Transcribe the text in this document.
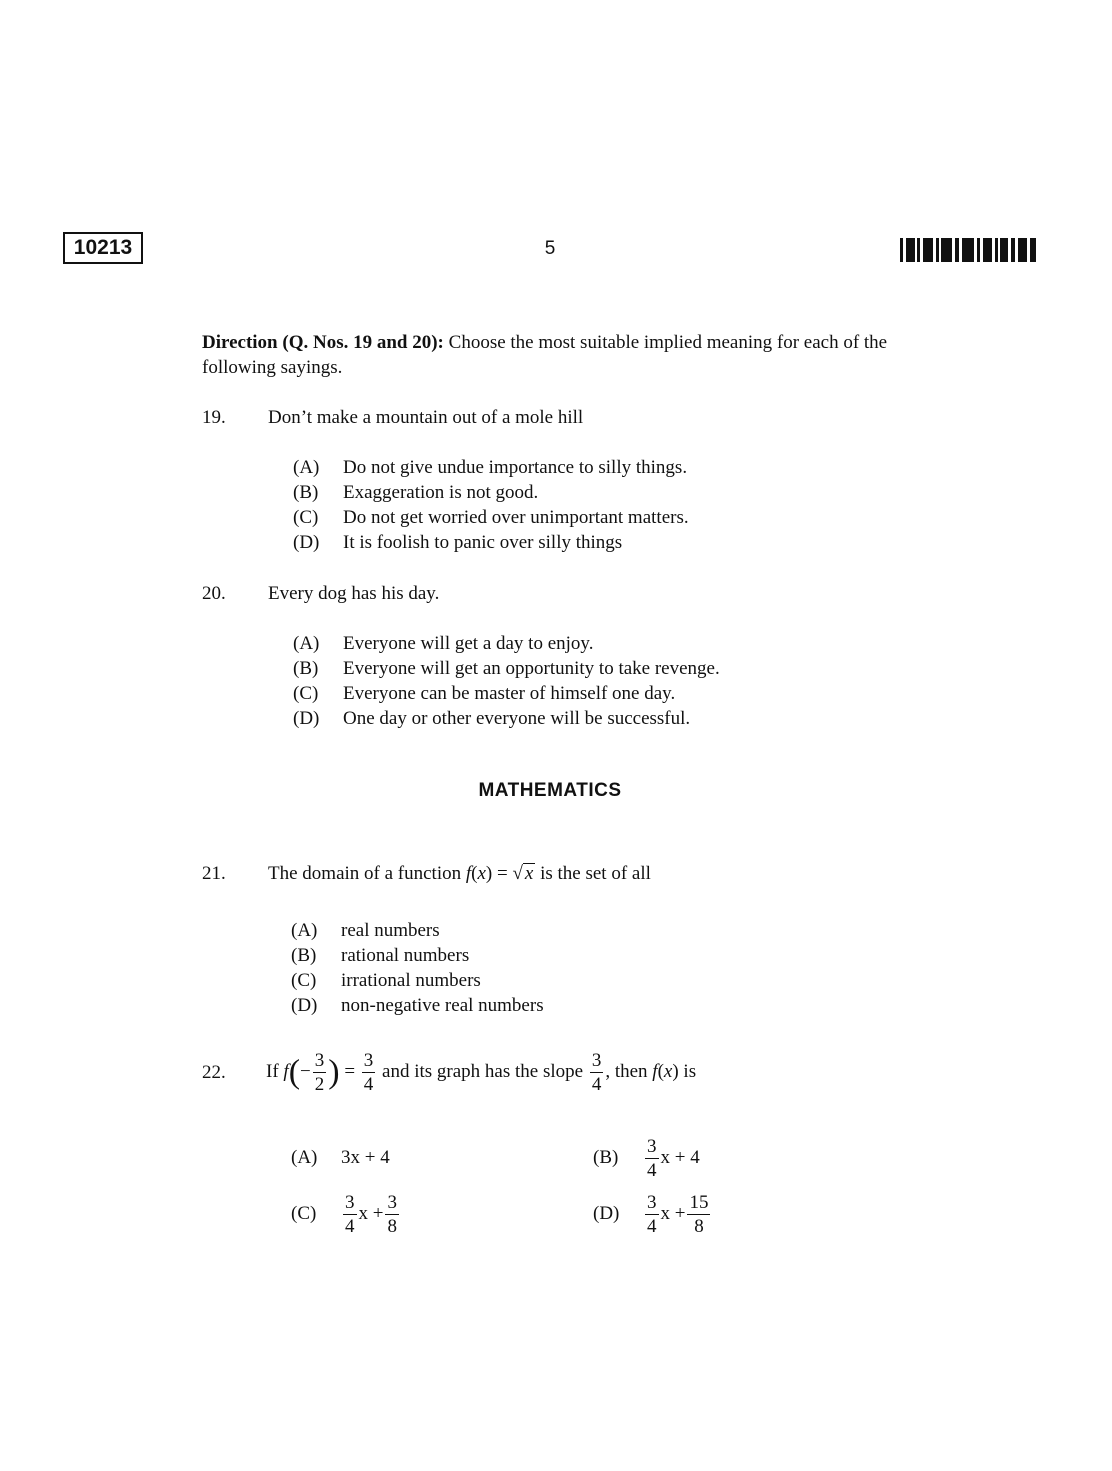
10213	5
Direction (Q. Nos. 19 and 20): Choose the most suitable implied meaning for each of the following sayings.
19. Don’t make a mountain out of a mole hill
(A)	Do not give undue importance to silly things.
(B)	Exaggeration is not good.
(C)	Do not get worried over unimportant matters.
(D)	It is foolish to panic over silly things
20. Every dog has his day.
(A)	Everyone will get a day to enjoy.
(B)	Everyone will get an opportunity to take revenge.
(C)	Everyone can be master of himself one day.
(D)	One day or other everyone will be successful.
MATHEMATICS
21. The domain of a function f(x) = √ x is the set of all
(A)	real numbers
(B)	rational numbers
(C)	irrational numbers
(D)	non-negative real numbers
22. If $f(- \frac{3}{2}$ ) = $\frac{3}{4}$ and its graph has the slope $\frac{3}{4}$ , then f(x) is
(A) 3x + 4	$(B) \frac{3}{4}$ x + 4
$(C) \frac{3}{4}$ $x + \frac{3}{8}$	$(D) \frac{3}{4}$ $x + \frac{15}{8}$
